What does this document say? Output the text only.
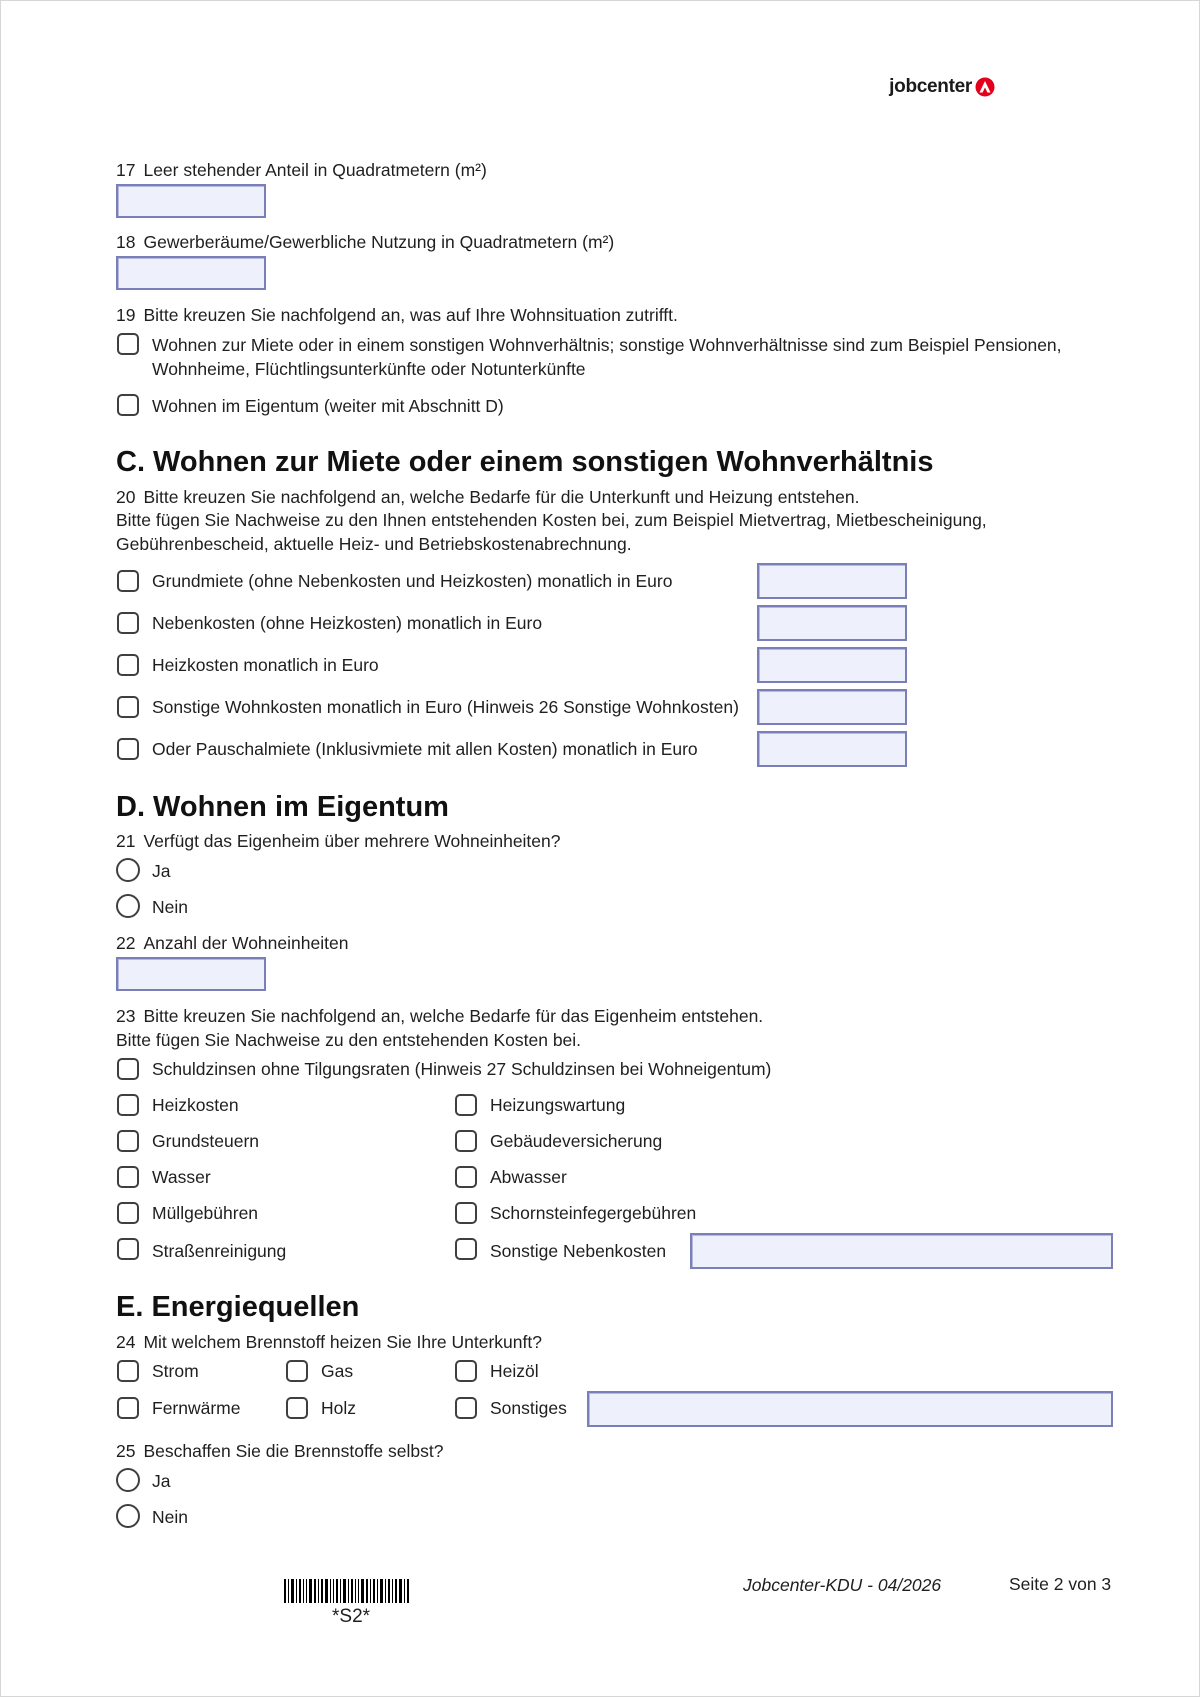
jobcenter
17 Leer stehender Anteil in Quadratmetern (m²)
18 Gewerberäume/Gewerbliche Nutzung in Quadratmetern (m²)
19 Bitte kreuzen Sie nachfolgend an, was auf Ihre Wohnsituation zutrifft.
Wohnen zur Miete oder in einem sonstigen Wohnverhältnis; sonstige Wohnverhältnisse sind zum Beispiel Pensionen,
Wohnheime, Flüchtlingsunterkünfte oder Notunterkünfte
Wohnen im Eigentum (weiter mit Abschnitt D)
C. Wohnen zur Miete oder einem sonstigen Wohnverhältnis
20 Bitte kreuzen Sie nachfolgend an, welche Bedarfe für die Unterkunft und Heizung entstehen.
Bitte fügen Sie Nachweise zu den Ihnen entstehenden Kosten bei, zum Beispiel Mietvertrag, Mietbescheinigung,
Gebührenbescheid, aktuelle Heiz- und Betriebskostenabrechnung.
Grundmiete (ohne Nebenkosten und Heizkosten) monatlich in Euro
Nebenkosten (ohne Heizkosten) monatlich in Euro
Heizkosten monatlich in Euro
Sonstige Wohnkosten monatlich in Euro (Hinweis 26 Sonstige Wohnkosten)
Oder Pauschalmiete (Inklusivmiete mit allen Kosten) monatlich in Euro
D. Wohnen im Eigentum
21 Verfügt das Eigenheim über mehrere Wohneinheiten?
Ja
Nein
22 Anzahl der Wohneinheiten
23 Bitte kreuzen Sie nachfolgend an, welche Bedarfe für das Eigenheim entstehen.
Bitte fügen Sie Nachweise zu den entstehenden Kosten bei.
Schuldzinsen ohne Tilgungsraten (Hinweis 27 Schuldzinsen bei Wohneigentum)
Heizkosten	Heizungswartung
Grundsteuern	Gebäudeversicherung
Wasser	Abwasser
Müllgebühren	Schornsteinfegergebühren
Straßenreinigung	Sonstige Nebenkosten
E. Energiequellen
24 Mit welchem Brennstoff heizen Sie Ihre Unterkunft?
Strom	Gas	Heizöl
Fernwärme	Holz	Sonstiges
25 Beschaffen Sie die Brennstoffe selbst?
Ja
Nein
*S2*
Jobcenter-KDU - 04/2026	Seite 2 von 3
